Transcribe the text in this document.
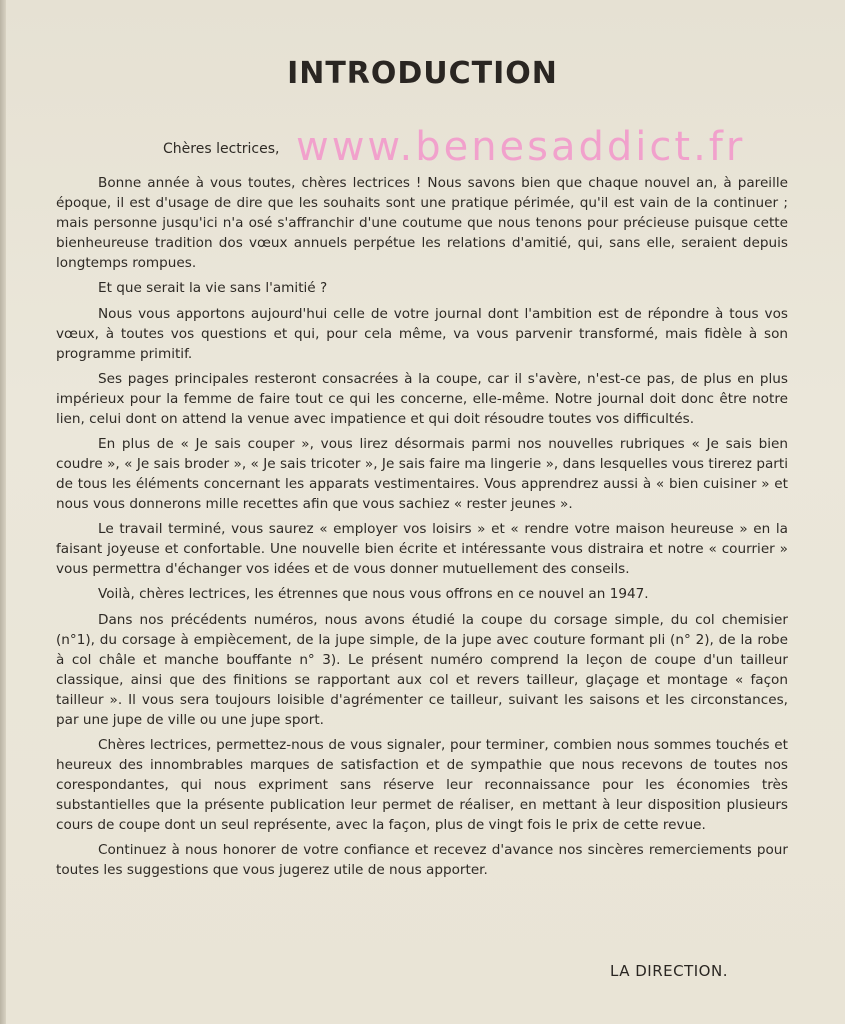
INTRODUCTION

Chères lectrices, www.benesaddict.fr

Bonne année à vous toutes, chères lectrices ! Nous savons bien que chaque nouvel an, à pareille époque, il est d'usage de dire que les souhaits sont une pratique périmée, qu'il est vain de la continuer ; mais personne jusqu'ici n'a osé s'affranchir d'une coutume que nous tenons pour précieuse puisque cette bienheureuse tradition dos vœux annuels perpétue les relations d'amitié, qui, sans elle, seraient depuis longtemps rompues.

Et que serait la vie sans l'amitié ?

Nous vous apportons aujourd'hui celle de votre journal dont l'ambition est de répondre à tous vos vœux, à toutes vos questions et qui, pour cela même, va vous parvenir transformé, mais fidèle à son programme primitif.

Ses pages principales resteront consacrées à la coupe, car il s'avère, n'est-ce pas, de plus en plus impérieux pour la femme de faire tout ce qui les concerne, elle-même. Notre journal doit donc être notre lien, celui dont on attend la venue avec impatience et qui doit résoudre toutes vos difficultés.

En plus de « Je sais couper », vous lirez désormais parmi nos nouvelles rubriques « Je sais bien coudre », « Je sais broder », « Je sais tricoter », Je sais faire ma lingerie », dans lesquelles vous tirerez parti de tous les éléments concernant les apparats vestimentaires. Vous apprendrez aussi à « bien cuisiner » et nous vous donnerons mille recettes afin que vous sachiez « rester jeunes ».

Le travail terminé, vous saurez « employer vos loisirs » et « rendre votre maison heureuse » en la faisant joyeuse et confortable. Une nouvelle bien écrite et intéressante vous distraira et notre « courrier » vous permettra d'échanger vos idées et de vous donner mutuellement des conseils.

Voilà, chères lectrices, les étrennes que nous vous offrons en ce nouvel an 1947.

Dans nos précédents numéros, nous avons étudié la coupe du corsage simple, du col chemisier (n°1), du corsage à empiècement, de la jupe simple, de la jupe avec couture formant pli (n° 2), de la robe à col châle et manche bouffante n° 3). Le présent numéro comprend la leçon de coupe d'un tailleur classique, ainsi que des finitions se rapportant aux col et revers tailleur, glaçage et montage « façon tailleur ». Il vous sera toujours loisible d'agrémenter ce tailleur, suivant les saisons et les circonstances, par une jupe de ville ou une jupe sport.

Chères lectrices, permettez-nous de vous signaler, pour terminer, combien nous sommes touchés et heureux des innombrables marques de satisfaction et de sympathie que nous recevons de toutes nos corespondantes, qui nous expriment sans réserve leur reconnaissance pour les économies très substantielles que la présente publication leur permet de réaliser, en mettant à leur disposition plusieurs cours de coupe dont un seul représente, avec la façon, plus de vingt fois le prix de cette revue.

Continuez à nous honorer de votre confiance et recevez d'avance nos sincères remerciements pour toutes les suggestions que vous jugerez utile de nous apporter.

LA DIRECTION.
